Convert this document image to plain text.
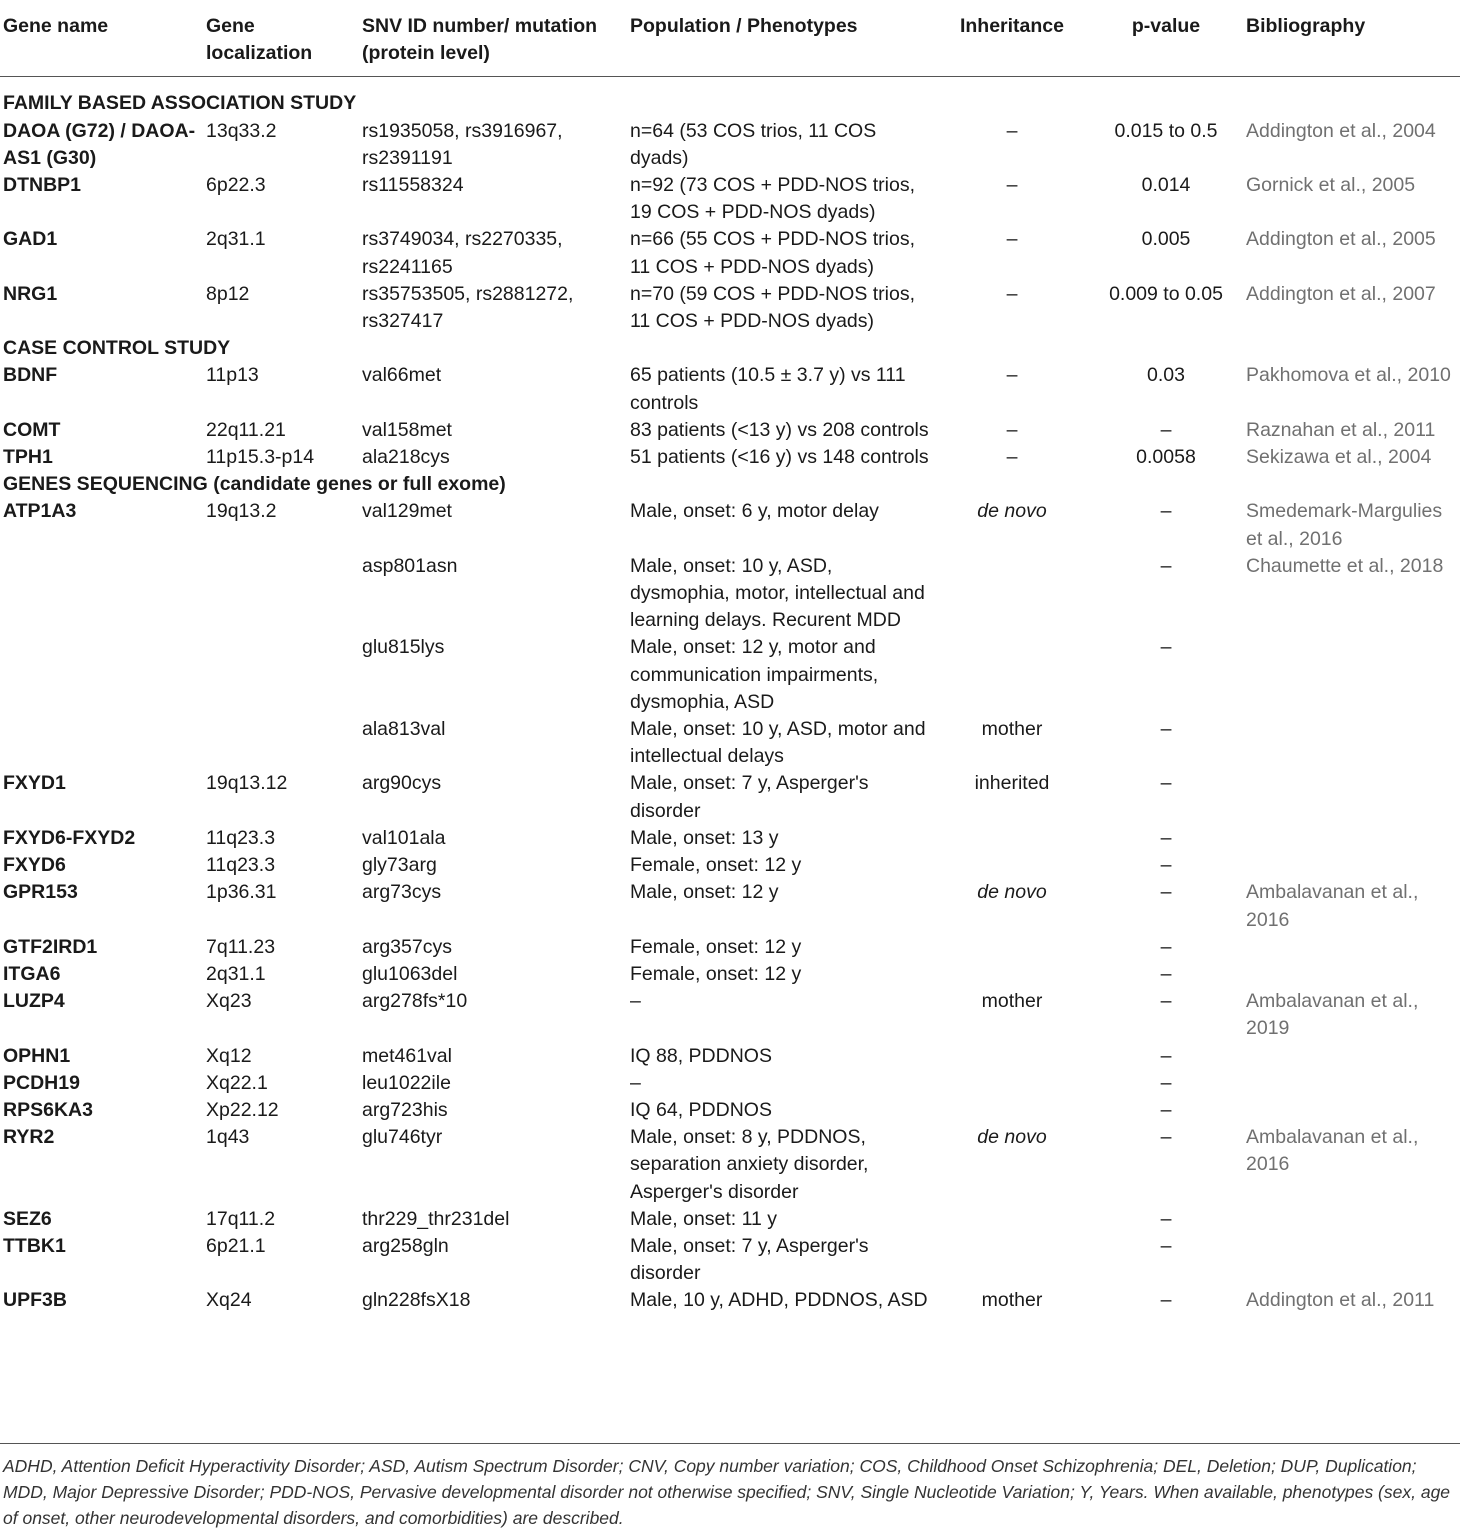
Gene name	Gene localization	SNV ID number/ mutation (protein level)	Population / Phenotypes	Inheritance	p-value	Bibliography
FAMILY BASED ASSOCIATION STUDY						
DAOA (G72) / DAOA-AS1 (G30)	13q33.2	rs1935058, rs3916967, rs2391191	n=64 (53 COS trios, 11 COS dyads)	–	0.015 to 0.5	Addington et al., 2004
DTNBP1	6p22.3	rs11558324	n=92 (73 COS + PDD-NOS trios, 19 COS + PDD-NOS dyads)	–	0.014	Gornick et al., 2005
GAD1	2q31.1	rs3749034, rs2270335, rs2241165	n=66 (55 COS + PDD-NOS trios, 11 COS + PDD-NOS dyads)	–	0.005	Addington et al., 2005
NRG1	8p12	rs35753505, rs2881272, rs327417	n=70 (59 COS + PDD-NOS trios, 11 COS + PDD-NOS dyads)	–	0.009 to 0.05	Addington et al., 2007
CASE CONTROL STUDY						
BDNF	11p13	val66met	65 patients (10.5 ± 3.7 y) vs 111 controls	–	0.03	Pakhomova et al., 2010
COMT	22q11.21	val158met	83 patients (<13 y) vs 208 controls	–	–	Raznahan et al., 2011
TPH1	11p15.3-p14	ala218cys	51 patients (<16 y) vs 148 controls	–	0.0058	Sekizawa et al., 2004
GENES SEQUENCING (candidate genes or full exome)						
ATP1A3	19q13.2	val129met	Male, onset: 6 y, motor delay	de novo	–	Smedemark-Margulies et al., 2016
		asp801asn	Male, onset: 10 y, ASD, dysmophia, motor, intellectual and learning delays. Recurent MDD		–	Chaumette et al., 2018
		glu815lys	Male, onset: 12 y, motor and communication impairments, dysmophia, ASD		–	
		ala813val	Male, onset: 10 y, ASD, motor and intellectual delays	mother	–	
FXYD1	19q13.12	arg90cys	Male, onset: 7 y, Asperger's disorder	inherited	–	
FXYD6-FXYD2	11q23.3	val101ala	Male, onset: 13 y		–	
FXYD6	11q23.3	gly73arg	Female, onset: 12 y		–	
GPR153	1p36.31	arg73cys	Male, onset: 12 y	de novo	–	Ambalavanan et al., 2016
GTF2IRD1	7q11.23	arg357cys	Female, onset: 12 y		–	
ITGA6	2q31.1	glu1063del	Female, onset: 12 y		–	
LUZP4	Xq23	arg278fs*10	–	mother	–	Ambalavanan et al., 2019
OPHN1	Xq12	met461val	IQ 88, PDDNOS		–	
PCDH19	Xq22.1	leu1022ile	–		–	
RPS6KA3	Xp22.12	arg723his	IQ 64, PDDNOS		–	
RYR2	1q43	glu746tyr	Male, onset: 8 y, PDDNOS, separation anxiety disorder, Asperger's disorder	de novo	–	Ambalavanan et al., 2016
SEZ6	17q11.2	thr229_thr231del	Male, onset: 11 y		–	
TTBK1	6p21.1	arg258gln	Male, onset: 7 y, Asperger's disorder		–	
UPF3B	Xq24	gln228fsX18	Male, 10 y, ADHD, PDDNOS, ASD	mother	–	Addington et al., 2011
ADHD, Attention Deficit Hyperactivity Disorder; ASD, Autism Spectrum Disorder; CNV, Copy number variation; COS, Childhood Onset Schizophrenia; DEL, Deletion; DUP, Duplication; MDD, Major Depressive Disorder; PDD-NOS, Pervasive developmental disorder not otherwise specified; SNV, Single Nucleotide Variation; Y, Years. When available, phenotypes (sex, age of onset, other neurodevelopmental disorders, and comorbidities) are described.
